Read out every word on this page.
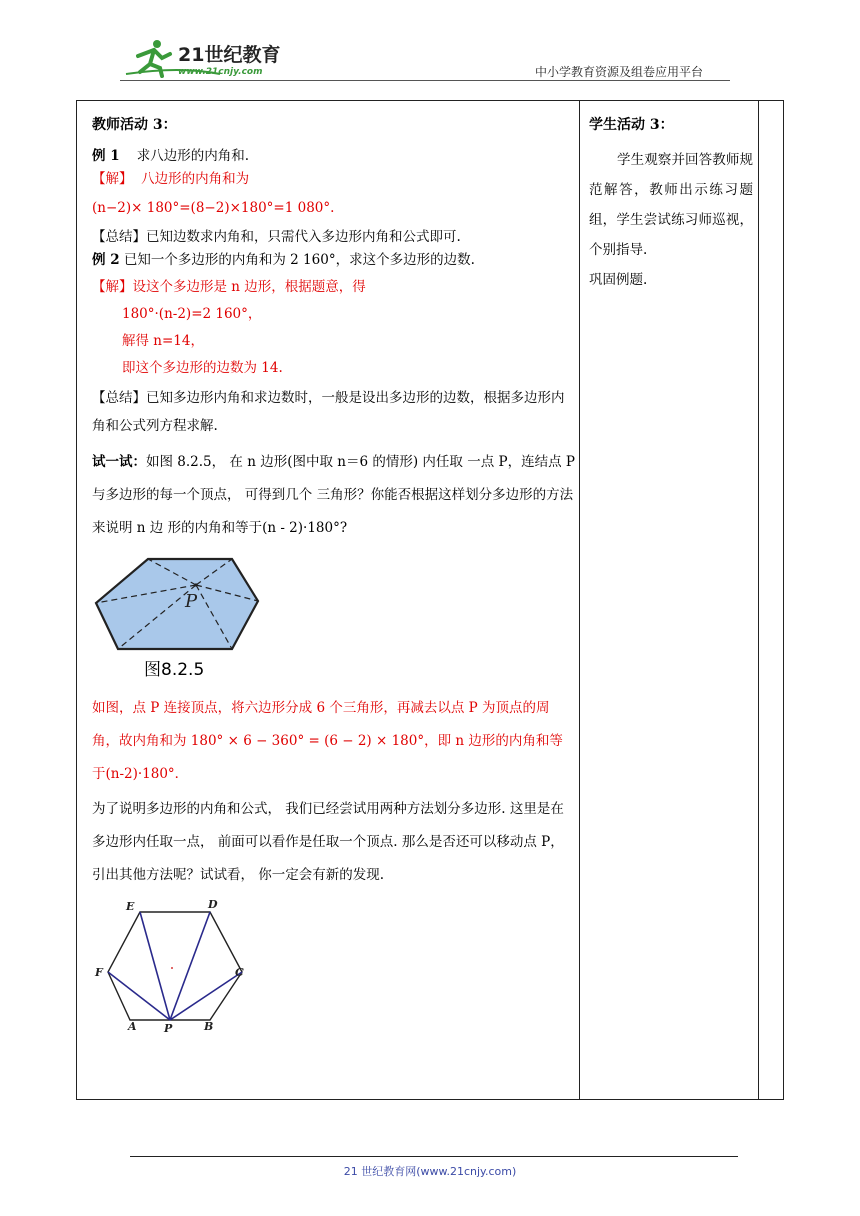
21世纪教育
www.21cnjy.com	中小学教育资源及组卷应用平台
教师活动 3：

例 1 求八边形的内角和.

【解】 八边形的内角和为

(n−2)× 180°=(8−2)×180°=1 080°.

【总结】已知边数求内角和，只需代入多边形内角和公式即可.

例 2 已知一个多边形的内角和为 2 160°，求这个多边形的边数.

【解】设这个多边形是 n 边形，根据题意，得

180°·(n-2)=2 160°，

解得 n=14，

即这个多边形的边数为 14.

【总结】已知多边形内角和求边数时，一般是设出多边形的边数，根据多边形内角和公式列方程求解.

试一试：如图 8.2.5， 在 n 边形(图中取 n＝6 的情形) 内任取 一点 P，连结点 P 与多边形的每一个顶点， 可得到几个 三角形？你能否根据这样划分多边形的方法来说明 n 边 形的内角和等于(n - 2)·180°?

P

图8.2.5

如图，点 P 连接顶点，将六边形分成 6 个三角形，再减去以点 P 为顶点的周角，故内角和为 180° × 6 − 360° = (6 − 2) × 180°，即 n 边形的内角和等于(n-2)·180°．

为了说明多边形的内角和公式， 我们已经尝试用两种方法划分多边形. 这里是在多边形内任取一点， 前面可以看作是任取一个顶点. 那么是否还可以移动点 P， 引出其他方法呢？试试看， 你一定会有新的发现.

E	D
F	C
A P	B
学生活动 3：

学生观察并回答教师规范解答，教师出示练习题组，学生尝试练习师巡视，个别指导.

巩固例题.

21 世纪教育网(www.21cnjy.com)
